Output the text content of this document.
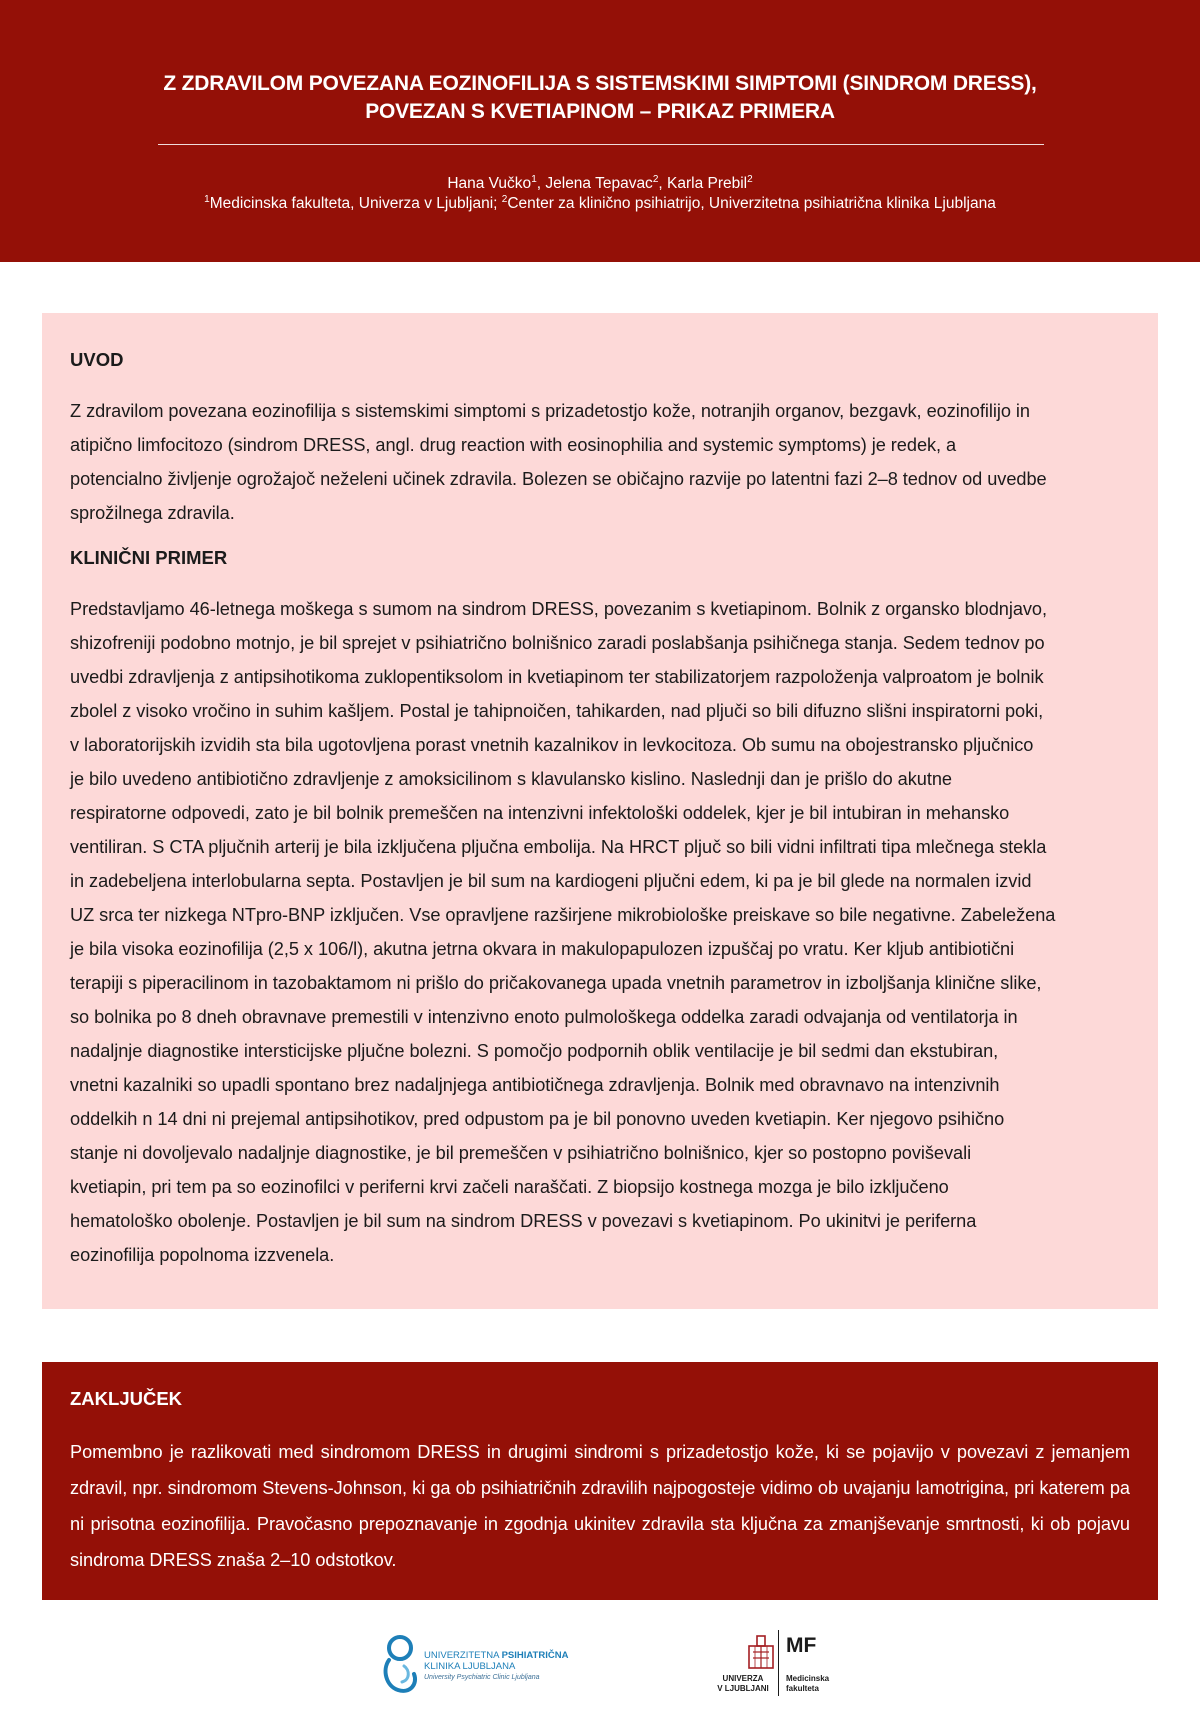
Z ZDRAVILOM POVEZANA EOZINOFILIJA S SISTEMSKIMI SIMPTOMI (SINDROM DRESS),
POVEZAN S KVETIAPINOM – PRIKAZ PRIMERA
Hana Vučko$^1$, Jelena Tepavac$^2$, Karla Prebil$^2$
$^1$Medicinska fakulteta, Univerza v Ljubljani; $^2$Center za klinično psihiatrijo, Univerzitetna psihiatrična klinika Ljubljana
UVOD
Z zdravilom povezana eozinofilija s sistemskimi simptomi s prizadetostjo kože, notranjih organov, bezgavk, eozinofilijo in
atipično limfocitozo (sindrom DRESS, angl. drug reaction with eosinophilia and systemic symptoms) je redek, a
potencialno življenje ogrožajoč neželeni učinek zdravila. Bolezen se običajno razvije po latentni fazi 2–8 tednov od uvedbe
sprožilnega zdravila.
KLINIČNI PRIMER
Predstavljamo 46-letnega moškega s sumom na sindrom DRESS, povezanim s kvetiapinom. Bolnik z organsko blodnjavo,
shizofreniji podobno motnjo, je bil sprejet v psihiatrično bolnišnico zaradi poslabšanja psihičnega stanja. Sedem tednov po
uvedbi zdravljenja z antipsihotikoma zuklopentiksolom in kvetiapinom ter stabilizatorjem razpoloženja valproatom je bolnik
zbolel z visoko vročino in suhim kašljem. Postal je tahipnoičen, tahikarden, nad pljuči so bili difuzno slišni inspiratorni poki,
v laboratorijskih izvidih sta bila ugotovljena porast vnetnih kazalnikov in levkocitoza. Ob sumu na obojestransko pljučnico
je bilo uvedeno antibiotično zdravljenje z amoksicilinom s klavulansko kislino. Naslednji dan je prišlo do akutne
respiratorne odpovedi, zato je bil bolnik premeščen na intenzivni infektološki oddelek, kjer je bil intubiran in mehansko
ventiliran. S CTA pljučnih arterij je bila izključena pljučna embolija. Na HRCT pljuč so bili vidni infiltrati tipa mlečnega stekla
in zadebeljena interlobularna septa. Postavljen je bil sum na kardiogeni pljučni edem, ki pa je bil glede na normalen izvid
UZ srca ter nizkega NTpro-BNP izključen. Vse opravljene razširjene mikrobiološke preiskave so bile negativne. Zabeležena
je bila visoka eozinofilija (2,5 x 106/l), akutna jetrna okvara in makulopapulozen izpuščaj po vratu. Ker kljub antibiotični
terapiji s piperacilinom in tazobaktamom ni prišlo do pričakovanega upada vnetnih parametrov in izboljšanja klinične slike,
so bolnika po 8 dneh obravnave premestili v intenzivno enoto pulmološkega oddelka zaradi odvajanja od ventilatorja in
nadaljnje diagnostike intersticijske pljučne bolezni. S pomočjo podpornih oblik ventilacije je bil sedmi dan ekstubiran,
vnetni kazalniki so upadli spontano brez nadaljnjega antibiotičnega zdravljenja. Bolnik med obravnavo na intenzivnih
oddelkih n 14 dni ni prejemal antipsihotikov, pred odpustom pa je bil ponovno uveden kvetiapin. Ker njegovo psihično
stanje ni dovoljevalo nadaljnje diagnostike, je bil premeščen v psihiatrično bolnišnico, kjer so postopno poviševali
kvetiapin, pri tem pa so eozinofilci v periferni krvi začeli naraščati. Z biopsijo kostnega mozga je bilo izključeno
hematološko obolenje. Postavljen je bil sum na sindrom DRESS v povezavi s kvetiapinom. Po ukinitvi je periferna
eozinofilija popolnoma izzvenela.
ZAKLJUČEK

Pomembno je razlikovati med sindromom DRESS in drugimi sindromi s prizadetostjo kože, ki se pojavijo v povezavi z jemanjem zdravil, npr. sindromom Stevens-Johnson, ki ga ob psihiatričnih zdravilih najpogosteje vidimo ob uvajanju lamotrigina, pri katerem pa ni prisotna eozinofilija. Pravočasno prepoznavanje in zgodnja ukinitev zdravila sta ključna za zmanjševanje smrtnosti, ki ob pojavu sindroma DRESS znaša 2–10 odstotkov.

UNIVERZITETNA PSIHIATRIČNA
KLINIKA LJUBLJANA
University Psychiatric Clinic Ljubljana	UNIVERZA
V LJUBLJANI
MF
Medicinska
fakulteta
